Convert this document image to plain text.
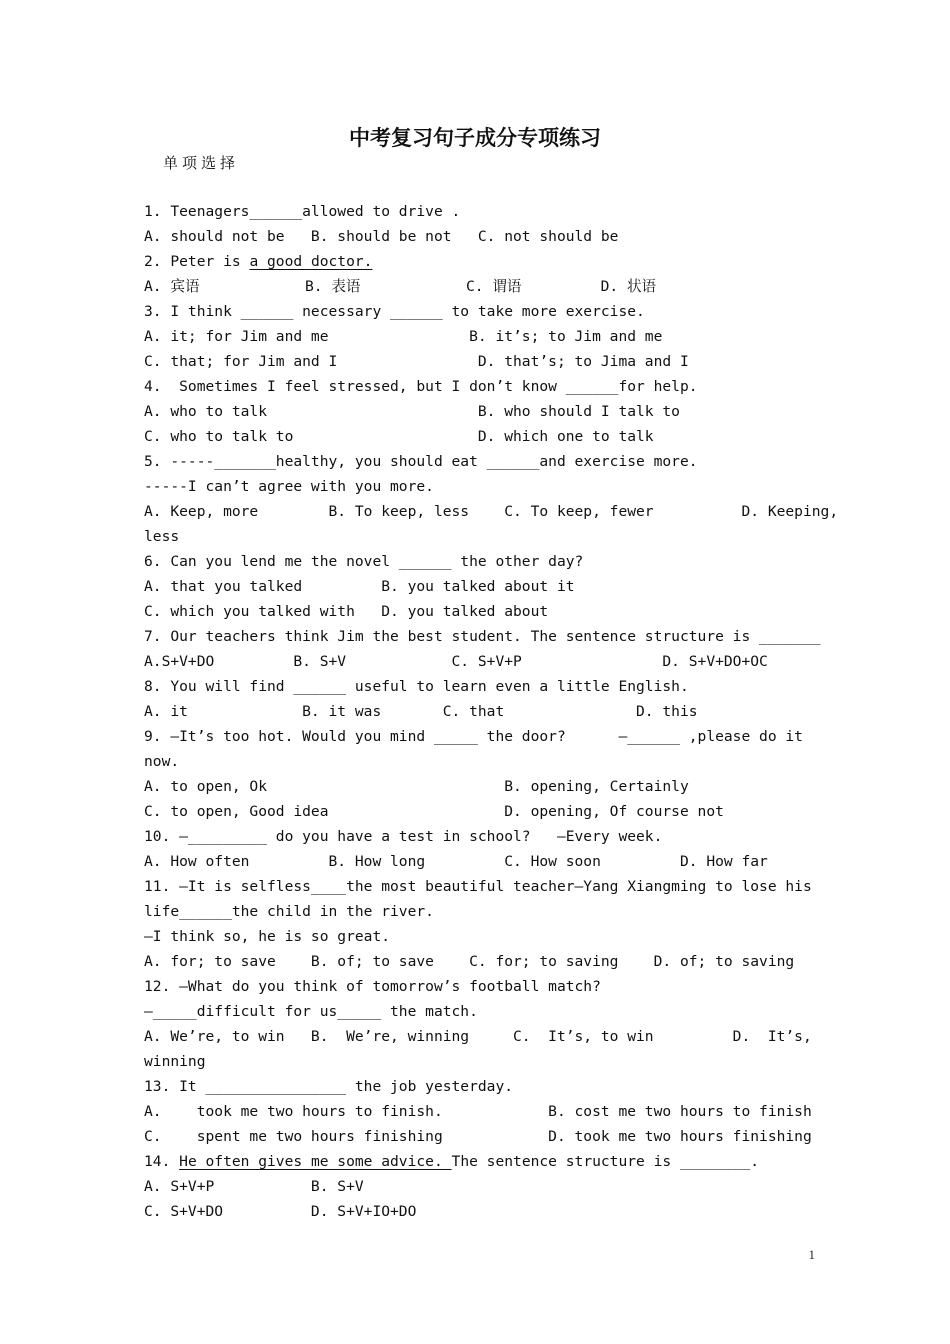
中考复习句子成分专项练习
单项选择
1. Teenagers______allowed to drive .
A. should not be   B. should be not   C. not should be
2. Peter is a good doctor.
A. 宾语            B. 表语            C. 谓语         D. 状语
3. I think ______ necessary ______ to take more exercise.
A. it; for Jim and me                B. it’s; to Jim and me
C. that; for Jim and I                D. that’s; to Jima and I
4.  Sometimes I feel stressed, but I don’t know ______for help.
A. who to talk                        B. who should I talk to
C. who to talk to                     D. which one to talk
5. -----_______healthy, you should eat ______and exercise more.
-----I can’t agree with you more.
A. Keep, more        B. To keep, less    C. To keep, fewer          D. Keeping,
less
6. Can you lend me the novel ______ the other day?
A. that you talked         B. you talked about it
C. which you talked with   D. you talked about
7. Our teachers think Jim the best student. The sentence structure is _______
A.S+V+DO         B. S+V            C. S+V+P                D. S+V+DO+OC
8. You will find ______ useful to learn even a little English.
A. it             B. it was       C. that               D. this
9. —It’s too hot. Would you mind _____ the door?      —______ ,please do it
now.
A. to open, Ok                           B. opening, Certainly
C. to open, Good idea                    D. opening, Of course not
10. —_________ do you have a test in school?   —Every week.
A. How often         B. How long         C. How soon         D. How far
11. —It is selfless____the most beautiful teacher—Yang Xiangming to lose his
life______the child in the river.
—I think so, he is so great.
A. for; to save    B. of; to save    C. for; to saving    D. of; to saving
12. —What do you think of tomorrow’s football match?
—_____difficult for us_____ the match.
A. We’re, to win   B.  We’re, winning     C.  It’s, to win         D.  It’s,
winning
13. It ________________ the job yesterday.
A.    took me two hours to finish.            B. cost me two hours to finish
C.    spent me two hours finishing            D. took me two hours finishing
14. He often gives me some advice. The sentence structure is ________.
A. S+V+P           B. S+V
C. S+V+DO          D. S+V+IO+DO
1
